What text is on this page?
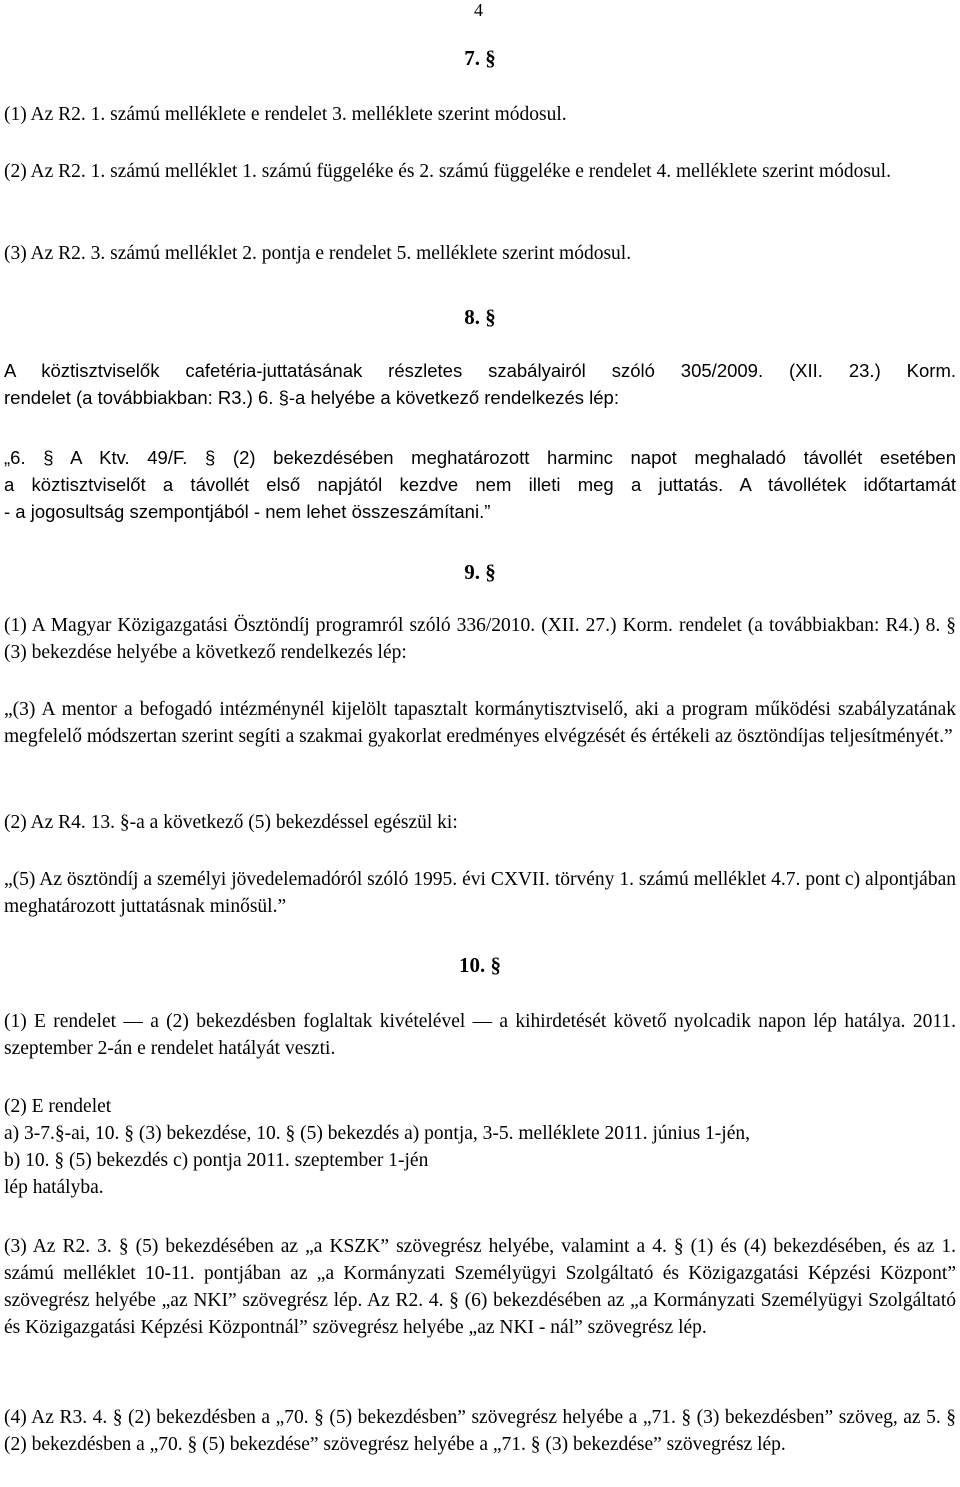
4
7. §
(1) Az R2. 1. számú melléklete e rendelet 3. melléklete szerint módosul.
(2) Az R2. 1. számú melléklet 1. számú függeléke és 2. számú függeléke e rendelet 4. melléklete szerint módosul.
(3) Az R2. 3. számú melléklet 2. pontja e rendelet 5. melléklete szerint módosul.
8. §
A köztisztviselők cafetéria-juttatásának részletes szabályairól szóló 305/2009. (XII. 23.) Korm.
rendelet (a továbbiakban: R3.) 6. §-a helyébe a következő rendelkezés lép:
„6. § A Ktv. 49/F. § (2) bekezdésében meghatározott harminc napot meghaladó távollét esetében
a köztisztviselőt a távollét első napjától kezdve nem illeti meg a juttatás. A távollétek időtartamát
- a jogosultság szempontjából - nem lehet összeszámítani.”
9. §
(1) A Magyar Közigazgatási Ösztöndíj programról szóló 336/2010. (XII. 27.) Korm. rendelet (a továbbiakban: R4.) 8. § (3) bekezdése helyébe a következő rendelkezés lép:
„(3) A mentor a befogadó intézménynél kijelölt tapasztalt kormánytisztviselő, aki a program működési szabályzatának megfelelő módszertan szerint segíti a szakmai gyakorlat eredményes elvégzését és értékeli az ösztöndíjas teljesítményét.”
(2) Az R4. 13. §-a a következő (5) bekezdéssel egészül ki:
„(5) Az ösztöndíj a személyi jövedelemadóról szóló 1995. évi CXVII. törvény 1. számú melléklet 4.7. pont c) alpontjában meghatározott juttatásnak minősül.”
10. §
(1) E rendelet — a (2) bekezdésben foglaltak kivételével — a kihirdetését követő nyolcadik napon lép hatálya. 2011. szeptember 2-án e rendelet hatályát veszti.
(2) E rendelet
a) 3-7.§-ai, 10. § (3) bekezdése, 10. § (5) bekezdés a) pontja, 3-5. melléklete 2011. június 1-jén,
b) 10. § (5) bekezdés c) pontja 2011. szeptember 1-jén
lép hatályba.
(3) Az R2. 3. § (5) bekezdésében az „a KSZK” szövegrész helyébe, valamint a 4. § (1) és (4) bekezdésében, és az 1. számú melléklet 10-11. pontjában az „a Kormányzati Személyügyi Szolgáltató és Közigazgatási Képzési Központ” szövegrész helyébe „az NKI” szövegrész lép. Az R2. 4. § (6) bekezdésében az „a Kormányzati Személyügyi Szolgáltató és Közigazgatási Képzési Központnál” szövegrész helyébe „az NKI - nál” szövegrész lép.
(4) Az R3. 4. § (2) bekezdésben a „70. § (5) bekezdésben” szövegrész helyébe a „71. § (3) bekezdésben” szöveg, az 5. § (2) bekezdésben a „70. § (5) bekezdése” szövegrész helyébe a „71. § (3) bekezdése” szövegrész lép.
